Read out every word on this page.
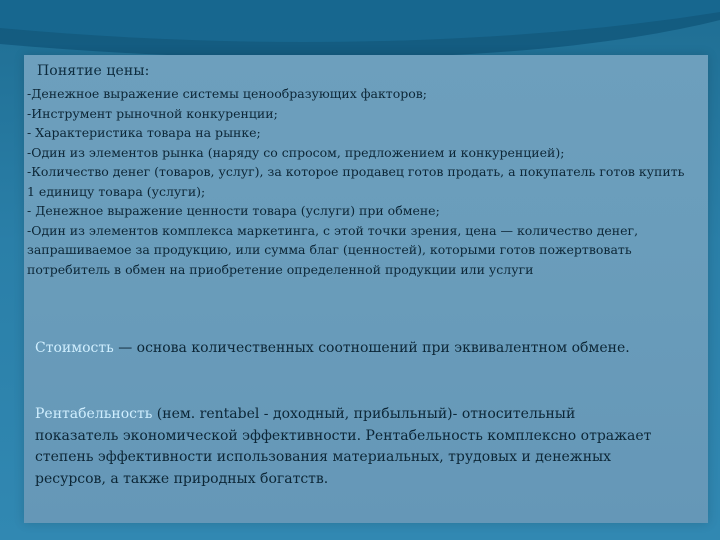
Понятие цены:

-Денежное выражение системы ценообразующих факторов;

-Инструмент рыночной конкуренции;

- Характеристика товара на рынке;

-Один из элементов рынка (наряду со спросом, предложением и конкуренцией);

-Количество денег (товаров, услуг), за которое продавец готов продать, а покупатель готов купить 1 единицу товара (услуги);

- Денежное выражение ценности товара (услуги) при обмене;

-Один из элементов комплекса маркетинга, с этой точки зрения, цена — количество денег, запрашиваемое за продукцию, или сумма благ (ценностей), которыми готов пожертвовать потребитель в обмен на приобретение определенной продукции или услуги

Стоимость — основа количественных соотношений при эквивалентном обмене.
Рентабельность (нем. rentabel - доходный, прибыльный)- относительный показатель экономической эффективности. Рентабельность комплексно отражает степень эффективности использования материальных, трудовых и денежных ресурсов, а также природных богатств.
